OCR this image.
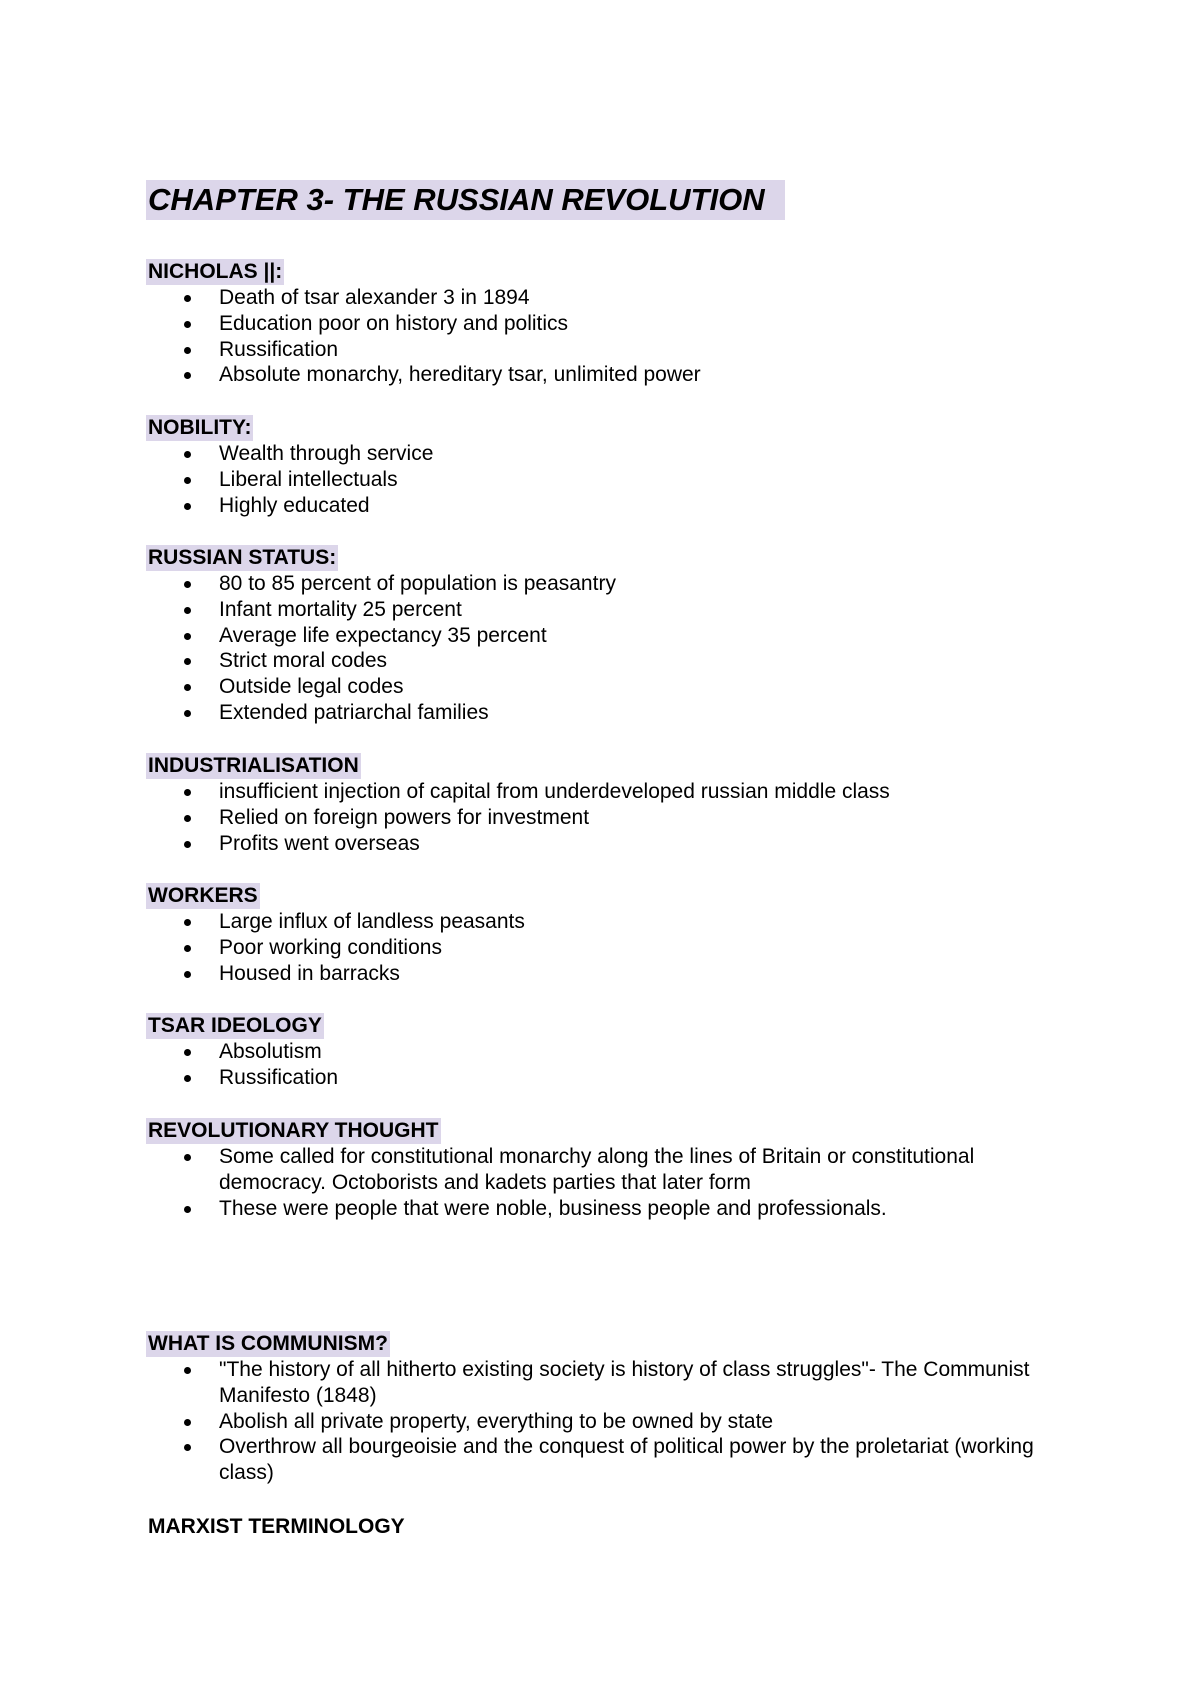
CHAPTER 3- THE RUSSIAN REVOLUTION
NICHOLAS ||:
Death of tsar alexander 3 in 1894
Education poor on history and politics
Russification
Absolute monarchy, hereditary tsar, unlimited power
NOBILITY:
Wealth through service
Liberal intellectuals
Highly educated
RUSSIAN STATUS:
80 to 85 percent of population is peasantry
Infant mortality 25 percent
Average life expectancy 35 percent
Strict moral codes
Outside legal codes
Extended patriarchal families
INDUSTRIALISATION
insufficient injection of capital from underdeveloped russian middle class
Relied on foreign powers for investment
Profits went overseas
WORKERS
Large influx of landless peasants
Poor working conditions
Housed in barracks
TSAR IDEOLOGY
Absolutism
Russification
REVOLUTIONARY THOUGHT
Some called for constitutional monarchy along the lines of Britain or constitutional democracy. Octoborists and kadets parties that later form
These were people that were noble, business people and professionals.
WHAT IS COMMUNISM?
"The history of all hitherto existing society is history of class struggles"- The Communist Manifesto (1848)
Abolish all private property, everything to be owned by state
Overthrow all bourgeoisie and the conquest of political power by the proletariat (working class)
MARXIST TERMINOLOGY
